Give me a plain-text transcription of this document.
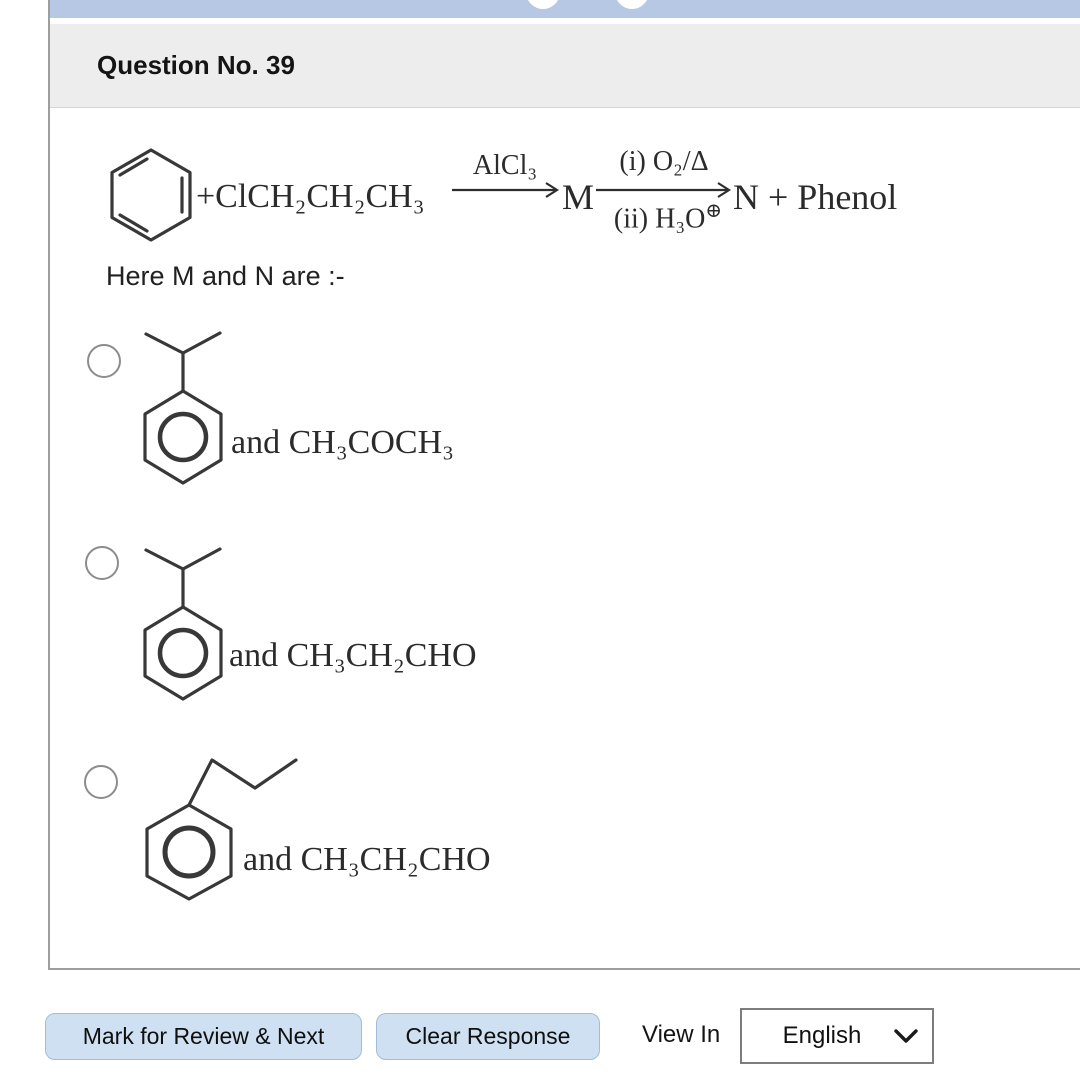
Question No. 39
+ClCH₂CH₂CH₃
AlCl₃
M
(i) O₂/Δ
(ii) H₃O⊕ N + Phenol
Here M and N are :-
and CH₃COCH₃
and CH₃CH₂CHO
and CH₃CH₂CHO
Mark for Review & Next	Clear Response	View In	English
